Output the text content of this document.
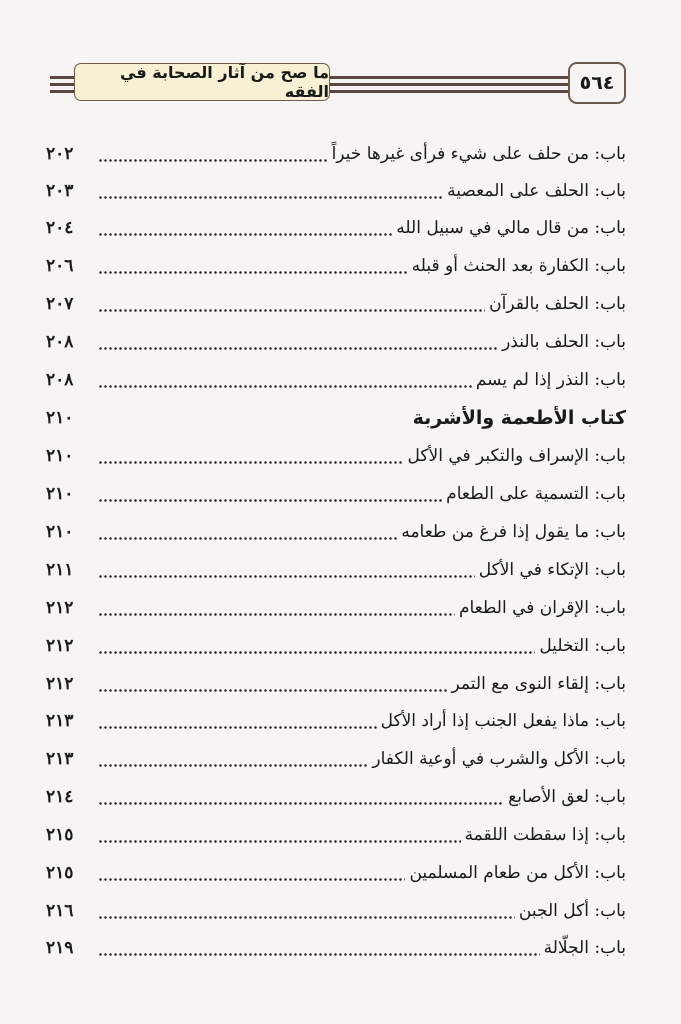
ما صح من آثار الصحابة في الفقه	٥٦٤
باب: من حلف على شيء فرأى غيرها خيراً
٢٠٢
باب: الحلف على المعصية
٢٠٣
باب: من قال مالي في سبيل الله
٢٠٤
باب: الكفارة بعد الحنث أو قبله
٢٠٦
باب: الحلف بالقرآن
٢٠٧
باب: الحلف بالنذر
٢٠٨
باب: النذر إذا لم يسم
٢٠٨
كتاب الأطعمة والأشربة
٢١٠
باب: الإسراف والتكبر في الأكل
٢١٠
باب: التسمية على الطعام
٢١٠
باب: ما يقول إذا فرغ من طعامه
٢١٠
باب: الإتكاء في الأكل
٢١١
باب: الإقران في الطعام
٢١٢
باب: التخليل
٢١٢
باب: إلقاء النوى مع التمر
٢١٢
باب: ماذا يفعل الجنب إذا أراد الأكل
٢١٣
باب: الأكل والشرب في أوعية الكفار
٢١٣
باب: لعق الأصابع
٢١٤
باب: إذا سقطت اللقمة
٢١٥
باب: الأكل من طعام المسلمين
٢١٥
باب: أكل الجبن
٢١٦
باب: الجلّالة
٢١٩
